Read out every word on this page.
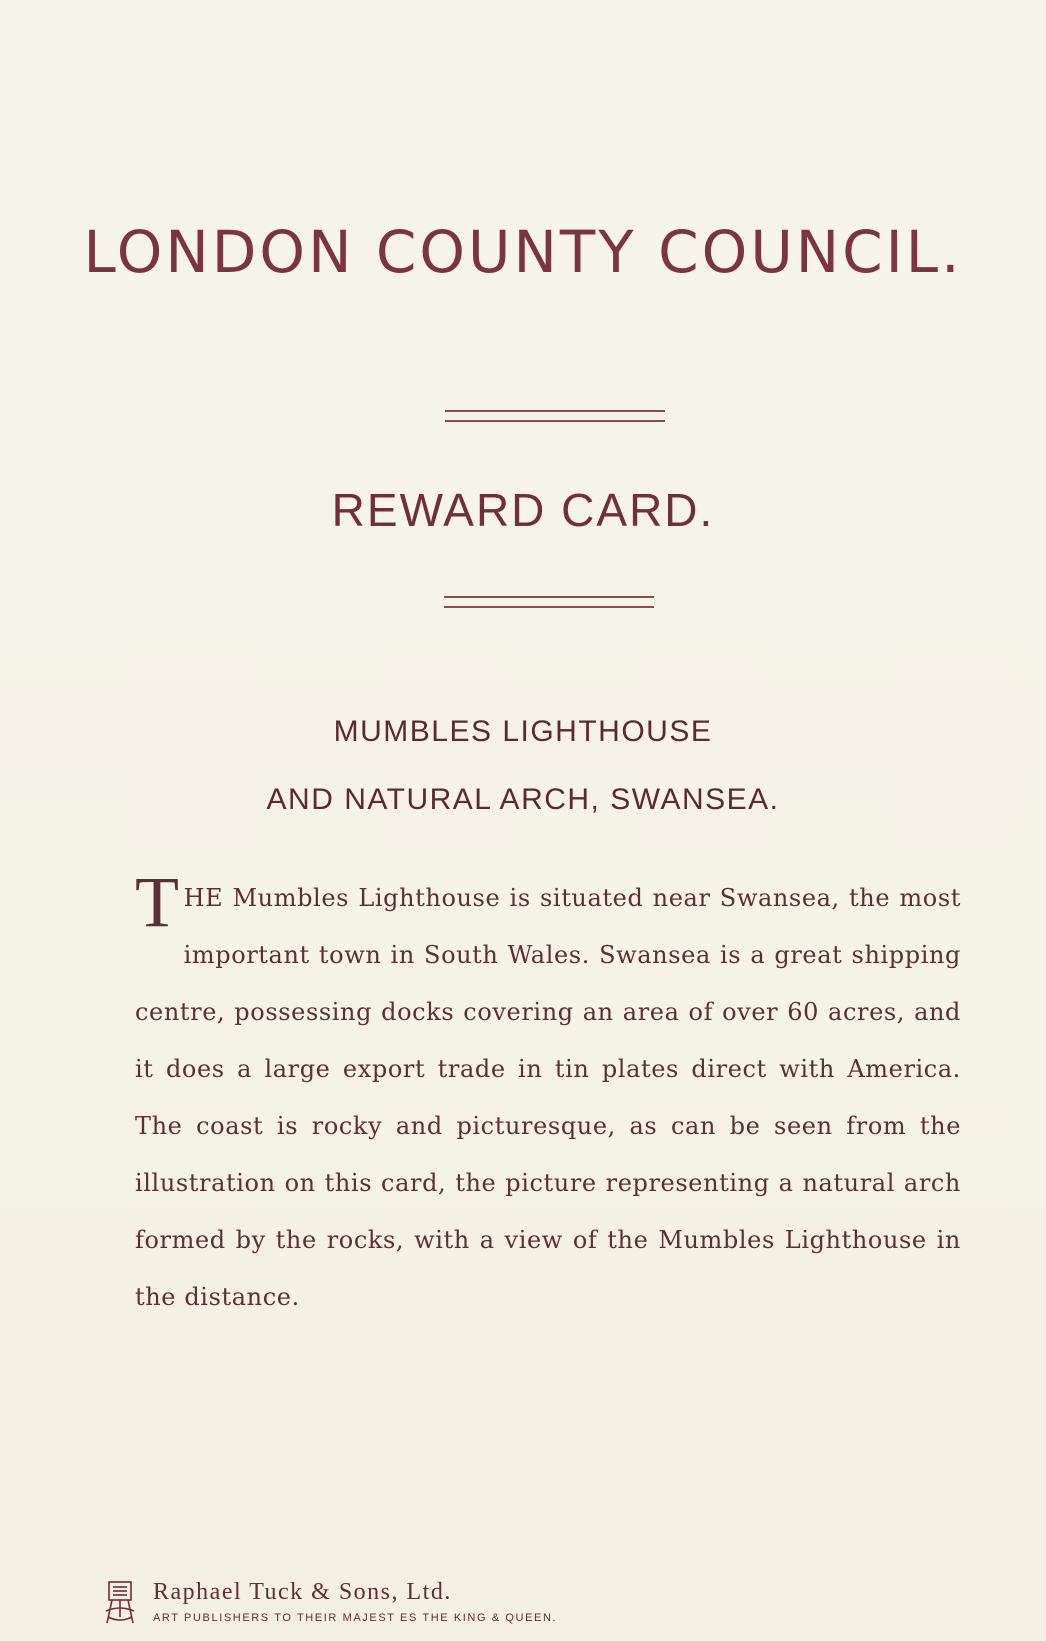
LONDON COUNTY COUNCIL.
REWARD CARD.
MUMBLES LIGHTHOUSE
AND NATURAL ARCH, SWANSEA.
THE Mumbles Lighthouse is situated near Swansea, the most important town in South Wales. Swansea is a great shipping centre, possessing docks covering an area of over 60 acres, and it does a large export trade in tin plates direct with America. The coast is rocky and picturesque, as can be seen from the illustration on this card, the picture representing a natural arch formed by the rocks, with a view of the Mumbles Lighthouse in the distance.
Raphael Tuck & Sons, Ltd.
ART PUBLISHERS TO THEIR MAJEST ES THE KING & QUEEN.
